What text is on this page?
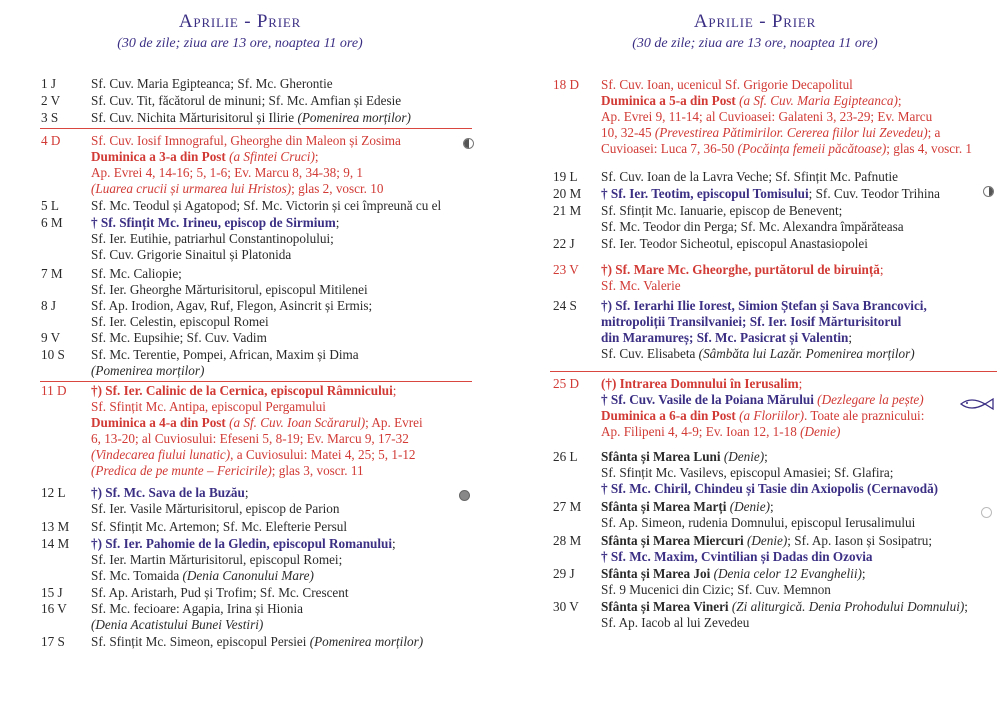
Aprilie - Prier
(30 de zile; ziua are 13 ore, noaptea 11 ore)
1 J	Sf. Cuv. Maria Egipteanca; Sf. Mc. Gherontie
2 V	Sf. Cuv. Tit, făcătorul de minuni; Sf. Mc. Amfian și Edesie
3 S	Sf. Cuv. Nichita Mărturisitorul și Ilirie (Pomenirea morților)
4 D	Sf. Cuv. Iosif Imnograful, Gheorghe din Maleon și Zosima
Duminica a 3-a din Post (a Sfintei Cruci);
Ap. Evrei 4, 14-16; 5, 1-6; Ev. Marcu 8, 34-38; 9, 1
(Luarea crucii și urmarea lui Hristos); glas 2, voscr. 10
5 L	Sf. Mc. Teodul și Agatopod; Sf. Mc. Victorin și cei împreună cu el
6 M	† Sf. Sfințit Mc. Irineu, episcop de Sirmium;
Sf. Ier. Eutihie, patriarhul Constantinopolului;
Sf. Cuv. Grigorie Sinaitul și Platonida
7 M	Sf. Mc. Caliopie;
Sf. Ier. Gheorghe Mărturisitorul, episcopul Mitilenei
8 J	Sf. Ap. Irodion, Agav, Ruf, Flegon, Asincrit și Ermis;
Sf. Ier. Celestin, episcopul Romei
9 V	Sf. Mc. Eupsihie; Sf. Cuv. Vadim
10 S	Sf. Mc. Terentie, Pompei, African, Maxim și Dima
(Pomenirea morților)
11 D	†) Sf. Ier. Calinic de la Cernica, episcopul Râmnicului;
Sf. Sfințit Mc. Antipa, episcopul Pergamului
Duminica a 4-a din Post (a Sf. Cuv. Ioan Scărarul); Ap. Evrei
6, 13-20; al Cuviosului: Efeseni 5, 8-19; Ev. Marcu 9, 17-32
(Vindecarea fiului lunatic), a Cuviosului: Matei 4, 25; 5, 1-12
(Predica de pe munte – Fericirile); glas 3, voscr. 11
12 L	†) Sf. Mc. Sava de la Buzău;
Sf. Ier. Vasile Mărturisitorul, episcop de Parion
13 M	Sf. Sfințit Mc. Artemon; Sf. Mc. Elefterie Persul
14 M	†) Sf. Ier. Pahomie de la Gledin, episcopul Romanului;
Sf. Ier. Martin Mărturisitorul, episcopul Romei;
Sf. Mc. Tomaida (Denia Canonului Mare)
15 J	Sf. Ap. Aristarh, Pud și Trofim; Sf. Mc. Crescent
16 V	Sf. Mc. fecioare: Agapia, Irina și Hionia
(Denia Acatistului Bunei Vestiri)
17 S	Sf. Sfințit Mc. Simeon, episcopul Persiei (Pomenirea morților)
Aprilie - Prier
(30 de zile; ziua are 13 ore, noaptea 11 ore)
18 D	Sf. Cuv. Ioan, ucenicul Sf. Grigorie Decapolitul
Duminica a 5-a din Post (a Sf. Cuv. Maria Egipteanca);
Ap. Evrei 9, 11-14; al Cuvioasei: Galateni 3, 23-29; Ev. Marcu
10, 32-45 (Prevestirea Pătimirilor. Cererea fiilor lui Zevedeu); a
Cuvioasei: Luca 7, 36-50 (Pocăința femeii păcătoase); glas 4, voscr. 1
19 L	Sf. Cuv. Ioan de la Lavra Veche; Sf. Sfințit Mc. Pafnutie
20 M	† Sf. Ier. Teotim, episcopul Tomisului; Sf. Cuv. Teodor Trihina
21 M	Sf. Sfințit Mc. Ianuarie, episcop de Benevent;
Sf. Mc. Teodor din Perga; Sf. Mc. Alexandra împărăteasa
22 J	Sf. Ier. Teodor Sicheotul, episcopul Anastasiopolei
23 V	†) Sf. Mare Mc. Gheorghe, purtătorul de biruință;
Sf. Mc. Valerie
24 S	†) Sf. Ierarhi Ilie Iorest, Simion Ștefan și Sava Brancovici,
mitropoliții Transilvaniei; Sf. Ier. Iosif Mărturisitorul
din Maramureș; Sf. Mc. Pasicrat și Valentin;
Sf. Cuv. Elisabeta (Sâmbăta lui Lazăr. Pomenirea morților)
25 D	(†) Intrarea Domnului în Ierusalim;
† Sf. Cuv. Vasile de la Poiana Mărului (Dezlegare la pește)
Duminica a 6-a din Post (a Floriilor). Toate ale praznicului:
Ap. Filipeni 4, 4-9; Ev. Ioan 12, 1-18 (Denie)
26 L	Sfânta și Marea Luni (Denie);
Sf. Sfințit Mc. Vasilevs, episcopul Amasiei; Sf. Glafira;
† Sf. Mc. Chiril, Chindeu și Tasie din Axiopolis (Cernavodă)
27 M	Sfânta și Marea Marți (Denie);
Sf. Ap. Simeon, rudenia Domnului, episcopul Ierusalimului
28 M	Sfânta și Marea Miercuri (Denie); Sf. Ap. Iason și Sosipatru;
† Sf. Mc. Maxim, Cvintilian și Dadas din Ozovia
29 J	Sfânta și Marea Joi (Denia celor 12 Evanghelii);
Sf. 9 Mucenici din Cizic; Sf. Cuv. Memnon
30 V	Sfânta și Marea Vineri (Zi aliturgică. Denia Prohodului Domnului);
Sf. Ap. Iacob al lui Zevedeu
